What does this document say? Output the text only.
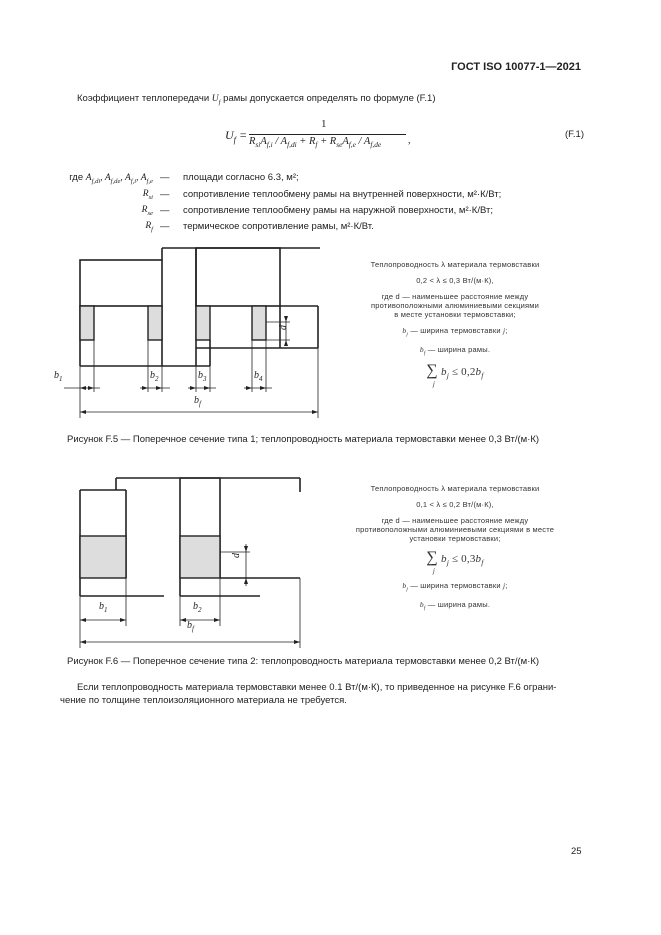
ГОСТ ISO 10077-1—2021
Коэффициент теплопередачи $U_f$ рамы допускается определять по формуле (F.1)
$U_f$ =
1
$R_{si}A_{f,i} / A_{f,di} + R_f + R_{se}A_{f,e} / A_{f,de}$	,
(F.1)
где $A_{f,di}$, $A_{f,de}$, $A_{f,i}$, $A_{f,e}$ — площади согласно 6.3, м²;
$R_{si}$ — сопротивление теплообмену рамы на внутренней поверхности, м²·К/Вт;
$R_{se}$ — сопротивление теплообмену рамы на наружной поверхности, м²·К/Вт;
$R_f$ — термическое сопротивление рамы, м²·К/Вт.
$b_1$	$b_2$	$b_3$	$b_4$
$b_f$
d
Теплопроводность λ материала термовставки
0,2 < λ ≤ 0,3 Вт/(м·К),
где d — наименьшее расстояние между
противоположными алюминиевыми секциями
в месте установки термовставки;
$b_j$ — ширина термовставки j;
$b_f$ — ширина рамы.
∑ $b_j \le 0,2b_f$
j
Рисунок F.5 — Поперечное сечение типа 1; теплопроводность материала термовставки менее 0,3 Вт/(м·К)
$b_1$	$b_2$
$b_f$
d
Теплопроводность λ материала термовставки
0,1 < λ ≤ 0,2 Вт/(м·К),
где d — наименьшее расстояние между
противоположными алюминиевыми секциями в месте
установки термовставки;
∑ $b_j \le 0,3b_f$
j
$b_j$ — ширина термовставки j;
$b_f$ — ширина рамы.
Рисунок F.6 — Поперечное сечение типа 2: теплопроводность материала термовставки менее 0,2 Вт/(м·К)
Если теплопроводность материала термовставки менее 0.1 Вт/(м·К), то приведенное на рисунке F.6 ограни-
чение по толщине теплоизоляционного материала не требуется.
25
